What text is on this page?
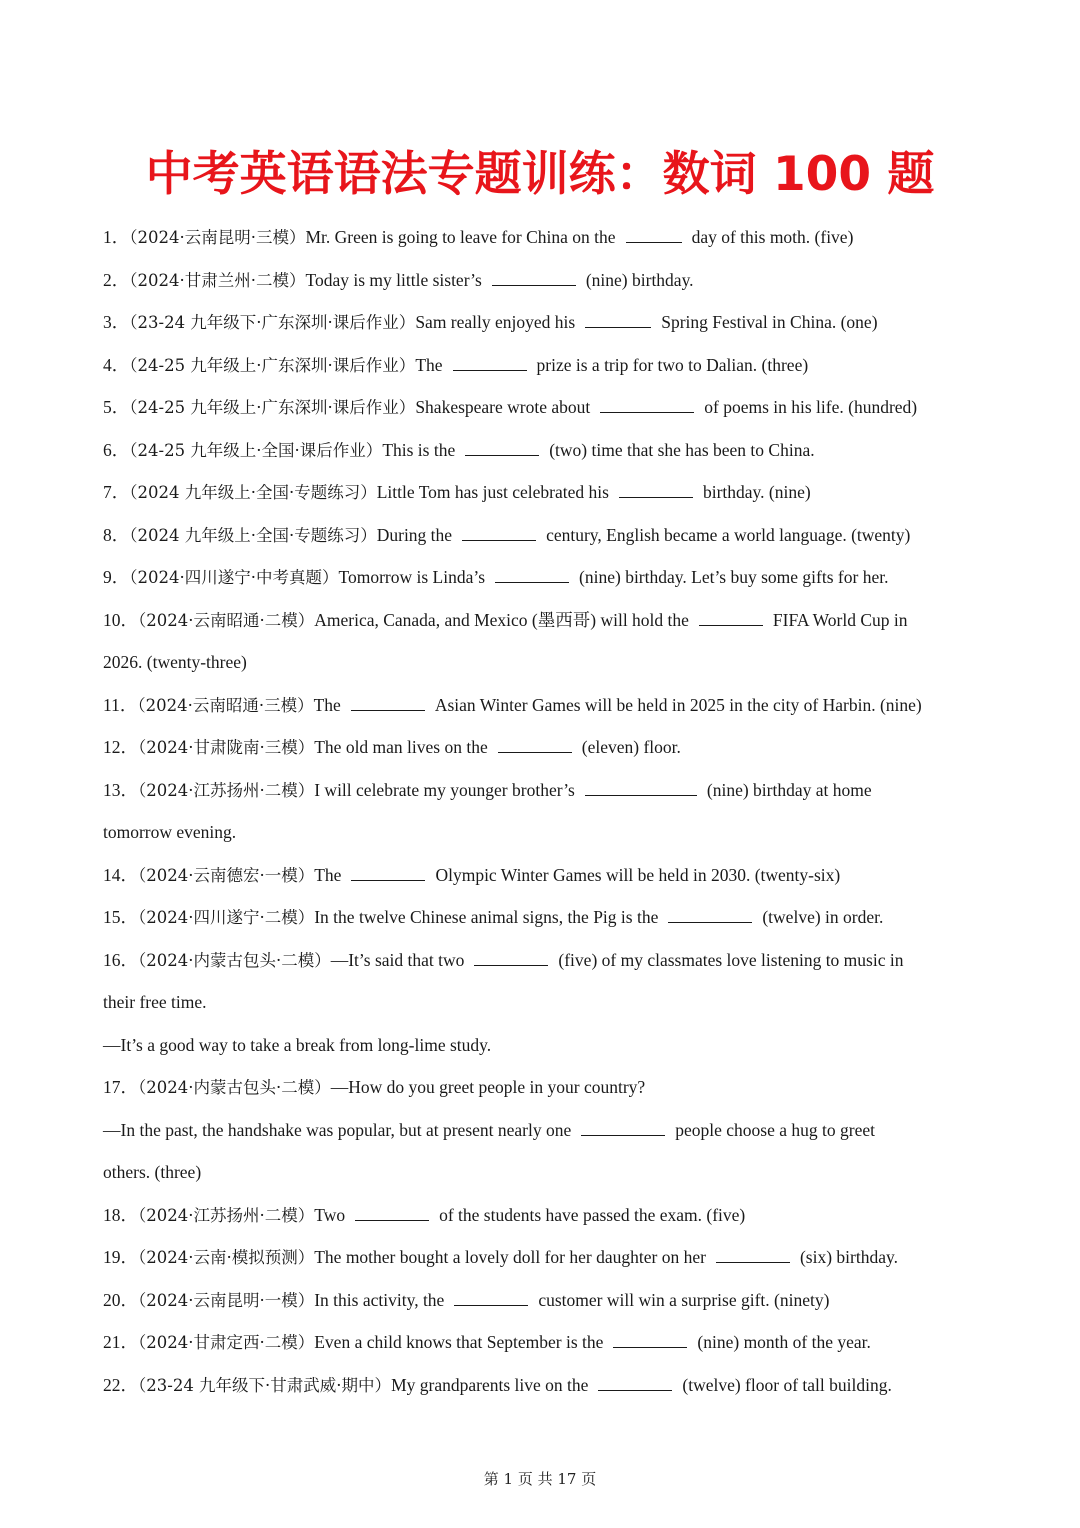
中考英语语法专题训练：数词 100 题
1．（2024·云南昆明·三模）Mr. Green is going to leave for China on the	day of this moth. (five)
2．（2024·甘肃兰州·二模）Today is my little sister’s	(nine) birthday.
3．（23-24 九年级下·广东深圳·课后作业）Sam really enjoyed his	Spring Festival in China. (one)
4．（24-25 九年级上·广东深圳·课后作业）The	prize is a trip for two to Dalian. (three)
5．（24-25 九年级上·广东深圳·课后作业）Shakespeare wrote about	of poems in his life. (hundred)
6．（24-25 九年级上·全国·课后作业）This is the	(two) time that she has been to China.
7．（2024 九年级上·全国·专题练习）Little Tom has just celebrated his	birthday. (nine)
8．（2024 九年级上·全国·专题练习）During the	century, English became a world language. (twenty)
9．（2024·四川遂宁·中考真题）Tomorrow is Linda’s	(nine) birthday. Let’s buy some gifts for her.
10．（2024·云南昭通·二模）America, Canada, and Mexico (墨西哥) will hold the	FIFA World Cup in
2026. (twenty-three)
11．（2024·云南昭通·三模）The	Asian Winter Games will be held in 2025 in the city of Harbin. (nine)
12．（2024·甘肃陇南·三模）The old man lives on the	(eleven) floor.
13．（2024·江苏扬州·二模）I will celebrate my younger brother’s	(nine) birthday at home
tomorrow evening.
14．（2024·云南德宏·一模）The	Olympic Winter Games will be held in 2030. (twenty-six)
15．（2024·四川遂宁·二模）In the twelve Chinese animal signs, the Pig is the	(twelve) in order.
16．（2024·内蒙古包头·二模）—It’s said that two	(five) of my classmates love listening to music in
their free time.
—It’s a good way to take a break from long-lime study.
17．（2024·内蒙古包头·二模）—How do you greet people in your country?
—In the past, the handshake was popular, but at present nearly one	people choose a hug to greet
others. (three)
18．（2024·江苏扬州·二模）Two	of the students have passed the exam. (five)
19．（2024·云南·模拟预测）The mother bought a lovely doll for her daughter on her	(six) birthday.
20．（2024·云南昆明·一模）In this activity, the	customer will win a surprise gift. (ninety)
21．（2024·甘肃定西·二模）Even a child knows that September is the	(nine) month of the year.
22．（23-24 九年级下·甘肃武威·期中）My grandparents live on the	(twelve) floor of tall building.
第 1 页 共 17 页
